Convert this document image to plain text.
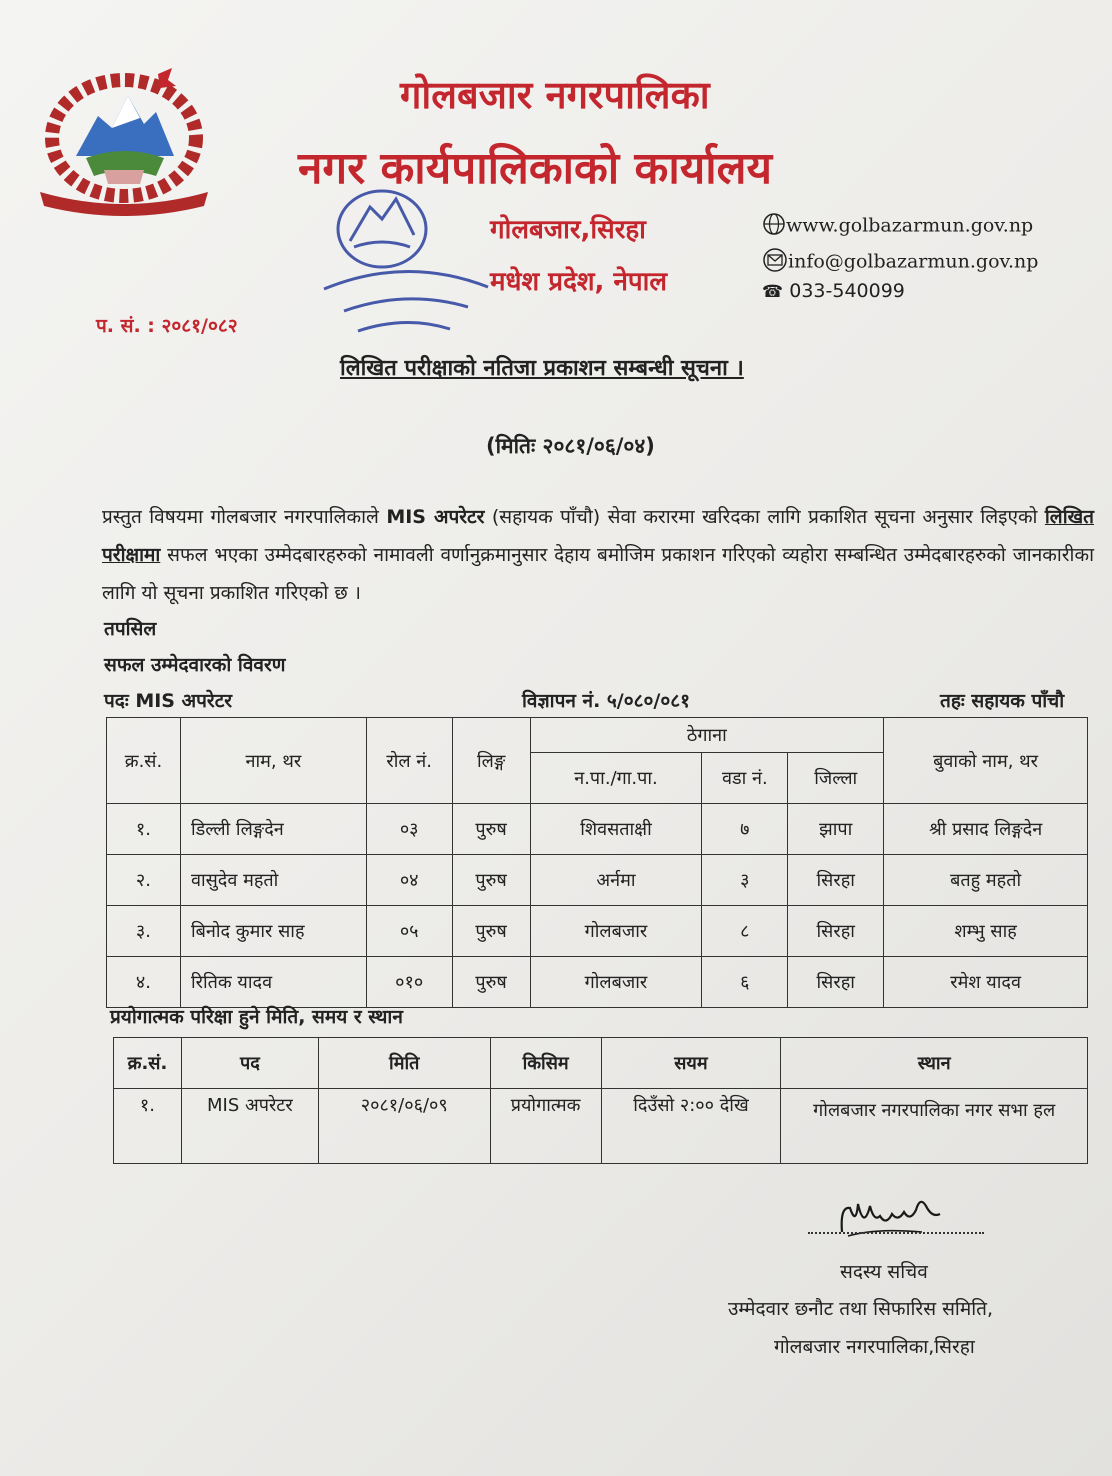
गोलबजार नगरपालिका
नगर कार्यपालिकाको कार्यालय
गोलबजार,सिरहा
मधेश प्रदेश, नेपाल
www.golbazarmun.gov.np
info@golbazarmun.gov.np
☎ 033-540099
प. सं. : २०८१/०८२
लिखित परीक्षाको नतिजा प्रकाशन सम्बन्धी सूचना ।
(मितिः २०८१/०६/०४)
प्रस्तुत विषयमा गोलबजार नगरपालिकाले MIS अपरेटर (सहायक पाँचौ) सेवा करारमा खरिदका लागि प्रकाशित सूचना अनुसार लिइएको लिखित परीक्षामा सफल भएका उम्मेदबारहरुको नामावली वर्णानुक्रमानुसार देहाय बमोजिम प्रकाशन गरिएको व्यहोरा सम्बन्धित उम्मेदबारहरुको जानकारीका लागि यो सूचना प्रकाशित गरिएको छ ।
तपसिल
सफल उम्मेदवारको विवरण
पदः MIS अपरेटर	विज्ञापन नं. ५/०८०/०८१	तहः सहायक पाँचौ
क्र.सं.	नाम, थर	रोल नं.	लिङ्ग	ठेगाना			बुवाको नाम, थर
				न.पा./गा.पा.	वडा नं.	जिल्ला	
१.	डिल्ली लिङ्गदेन	०३	पुरुष	शिवसताक्षी	७	झापा	श्री प्रसाद लिङ्गदेन
२.	वासुदेव महतो	०४	पुरुष	अर्नमा	३	सिरहा	बतहु महतो
३.	बिनोद कुमार साह	०५	पुरुष	गोलबजार	८	सिरहा	शम्भु साह
४.	रितिक यादव	०१०	पुरुष	गोलबजार	६	सिरहा	रमेश यादव
प्रयोगात्मक परिक्षा हुने मिति, समय र स्थान
क्र.सं.	पद	मिति	किसिम	सयम	स्थान
१.	MIS अपरेटर	२०८१/०६/०९	प्रयोगात्मक	दिउँसो २:०० देखि	गोलबजार नगरपालिका नगर सभा हल
सदस्य सचिव
उम्मेदवार छनौट तथा सिफारिस समिति,
गोलबजार नगरपालिका,सिरहा
